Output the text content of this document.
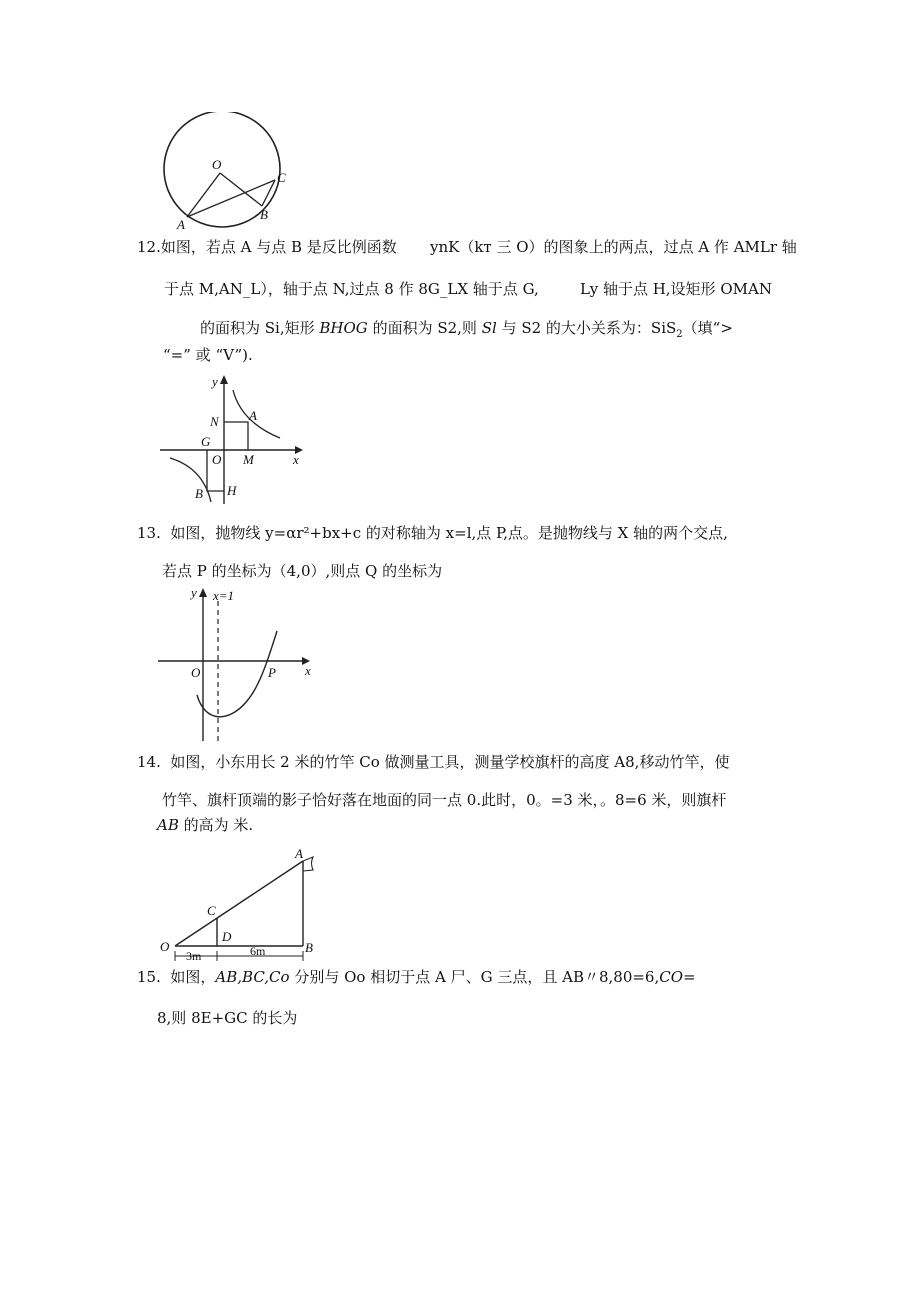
O
A
B
C
12.如图，若点 A 与点 B 是反比例函数 ynK（kт 三 O）的图象上的两点，过点 A 作 AMLr 轴
于点 M,AN_L），轴于点 N,过点 8 作 8G_LX 轴于点 G,	Ly 轴于点 H,设矩形 OMAN
的面积为 Si,矩形 BHOG 的面积为 S2,则 Sl 与 S2 的大小关系为：SiS$_2$（填“>
“=” 或 “V”).
y
N A
G
O M	x
B H
13. 如图，抛物线 y=αr²+bx+c 的对称轴为 x=l,点 P,点。是抛物线与 X 轴的两个交点,
若点 P 的坐标为（4,0）,则点 Q 的坐标为
y x=1
O	P x
14. 如图，小东用长 2 米的竹竿 Co 做测量工具，测量学校旗杆的高度 A8,移动竹竿，使
竹竿、旗杆顶端的影子恰好落在地面的同一点 0.此时，0。=3 米，。8=6 米，则旗杆
AB 的高为 米.
A
C
D
O	B
3m	6m
15. 如图，AB,BC,Co 分别与 Oo 相切于点 A 尸、G 三点，且 AB〃8,80=6,CO=
8,则 8E+GC 的长为
